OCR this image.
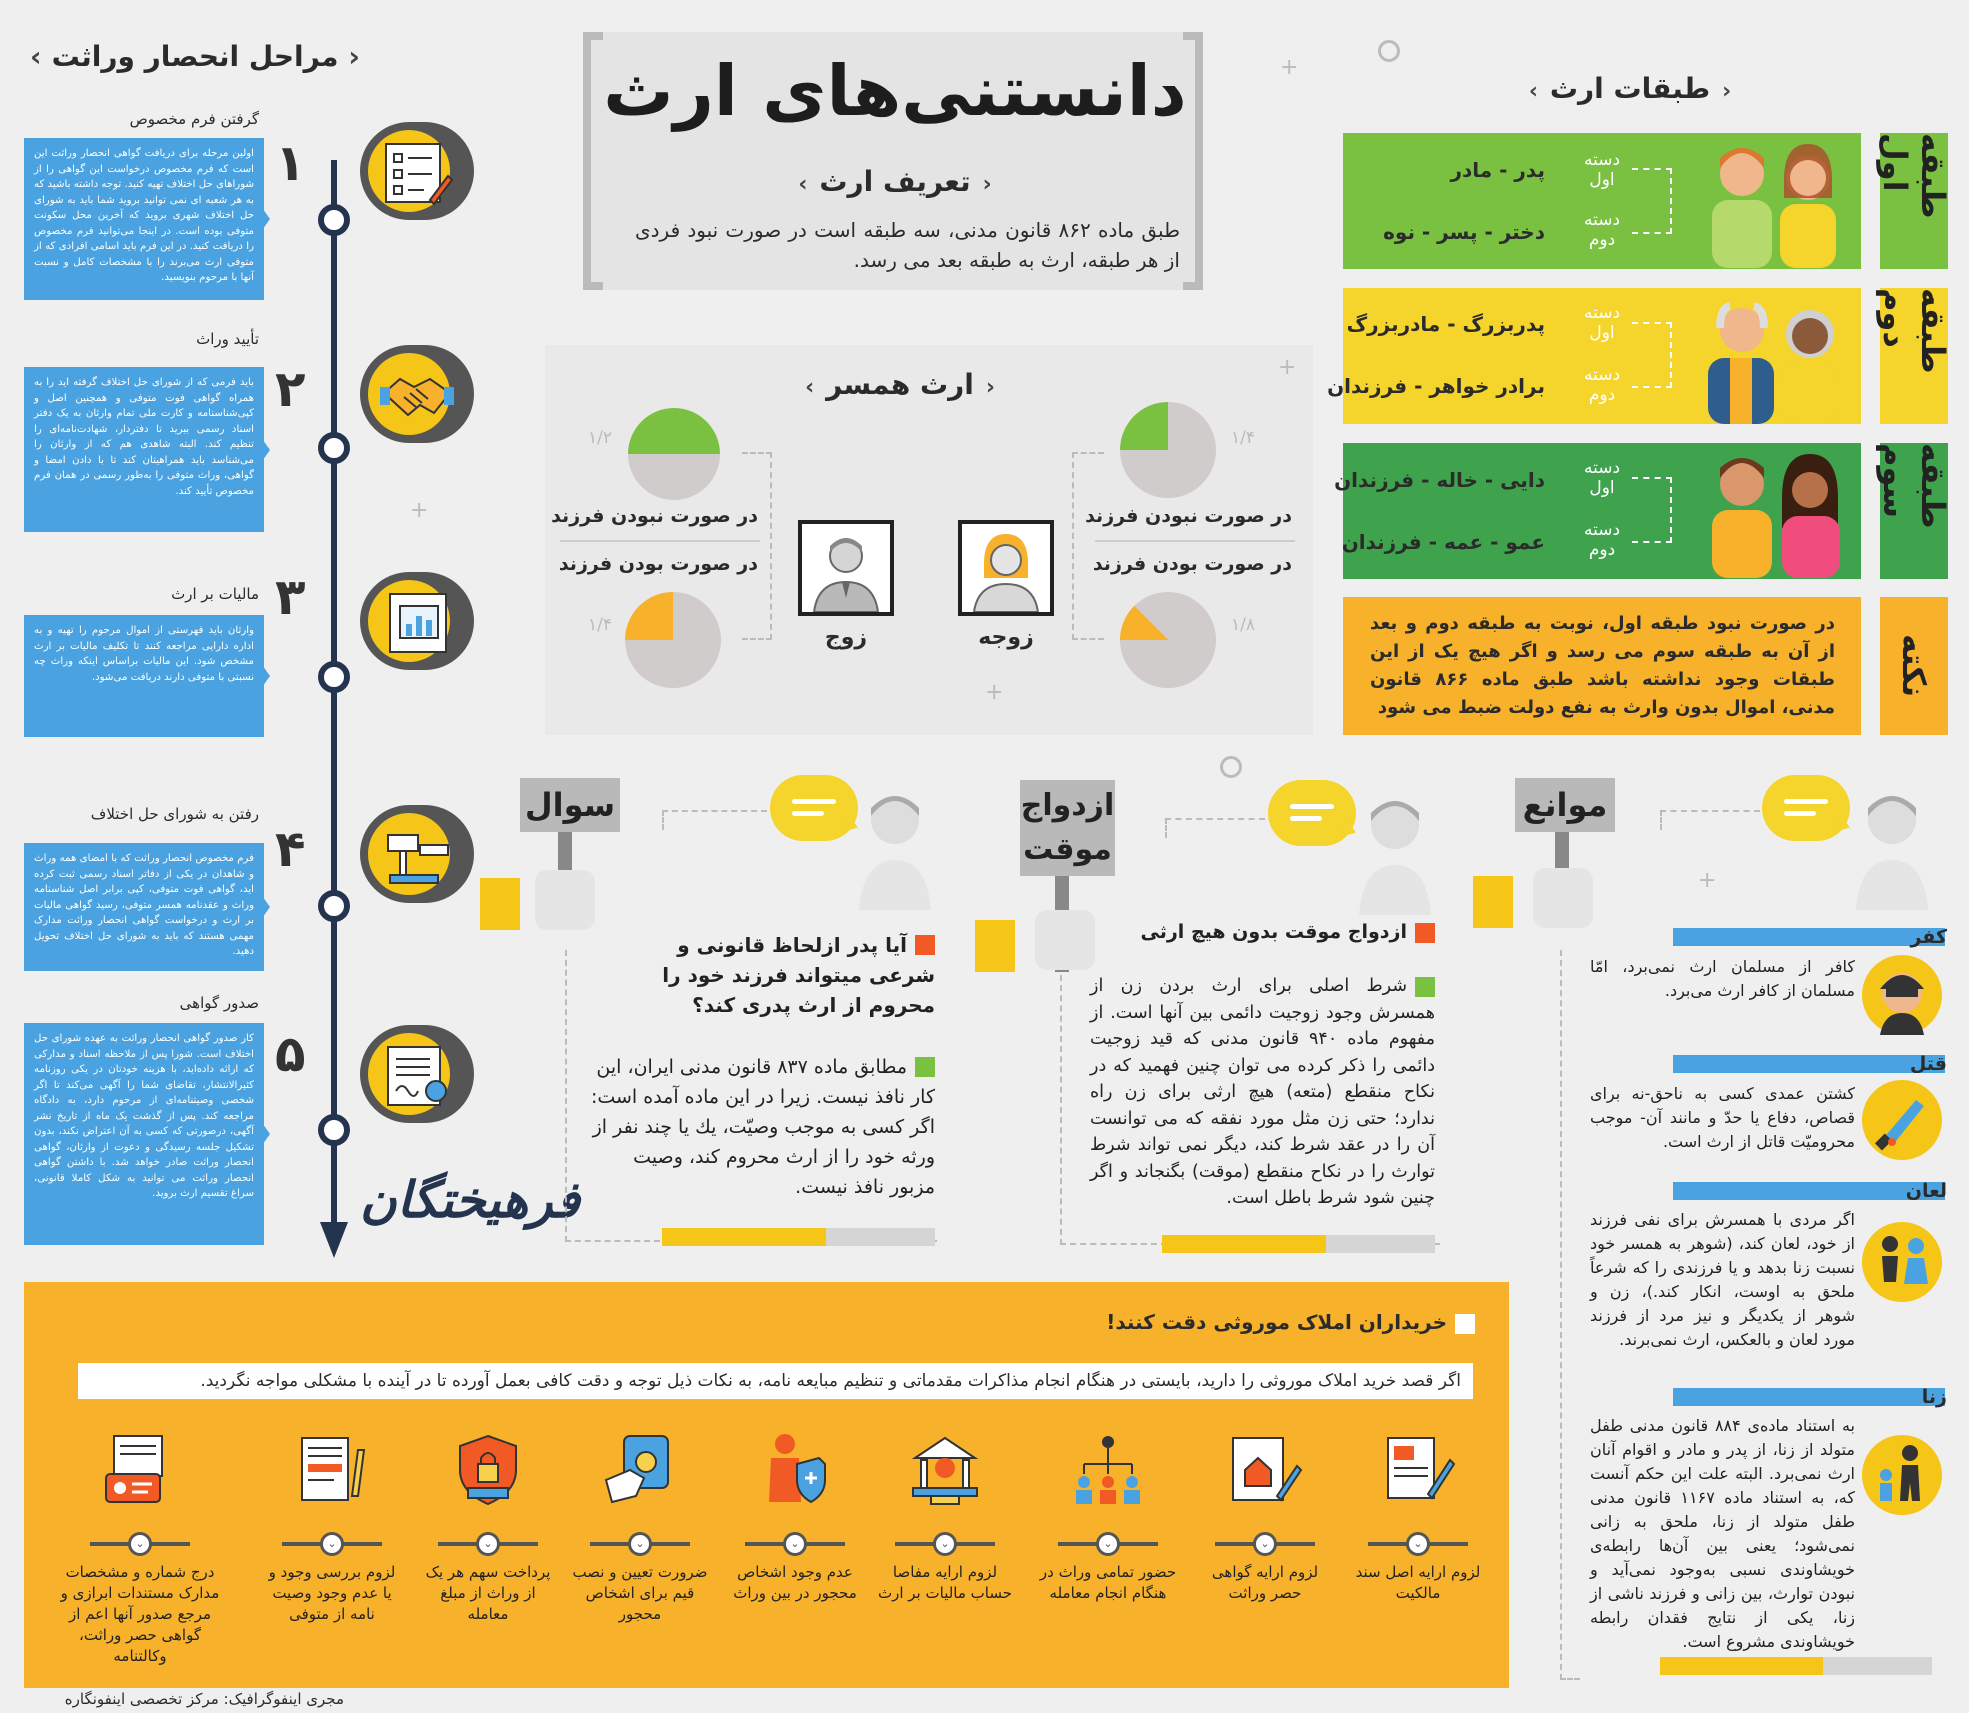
‹مراحل انحصار وراثت›
گرفتن فرم مخصوص
اولین مرحله برای دریافت گواهی انحصار وراثت این است که فرم مخصوص درخواست این گواهی را از شوراهای حل اختلاف تهیه کنید. توجه داشته باشید که به هر شعبه ای نمی توانید بروید شما باید به شورای حل اختلاف شهری بروید که آخرین محل سکونت متوفی بوده است. در اینجا می‌توانید فرم مخصوص را دریافت کنید. در این فرم باید اسامی افرادی که از متوفی ارث می‌برند را با مشخصات کامل و نسبت آنها با مرحوم بنویسید.
۱
تأیید وراث
باید فرمی که از شورای حل اختلاف گرفته اید را به همراه گواهی فوت متوفی و همچنین اصل و کپی‌شناسنامه و کارت ملی تمام وارثان به یک دفتر اسناد رسمی ببرید تا دفتردار، شهادت‌نامه‌ای را تنظیم کند. البته شاهدی هم که از وارثان را می‌شناسد باید همراهیتان کند تا با دادن امضا و گواهی، وراث متوفی را به‌طور رسمی در همان فرم مخصوص تأیید کند.
۲
مالیات بر ارث
وارثان باید فهرستی از اموال مرحوم را تهیه و به اداره دارایی مراجعه کنند تا تکلیف مالیات بر ارث مشخص شود. این مالیات براساس اینکه وراث چه نسبتی با متوفی دارند دریافت می‌شود.
۳
رفتن به شورای حل اختلاف
فرم مخصوص انحصار وراثت که با امضای همه وراث و شاهدان در یکی از دفاتر اسناد رسمی ثبت کرده اید، گواهی فوت متوفی، کپی برابر اصل شناسنامه وراث و عقدنامه همسر متوفی، رسید گواهی مالیات بر ارث و درخواست گواهی انحصار وراثت مدارک مهمی هستند که باید به شورای حل اختلاف تحویل دهید.
۴
صدور گواهی
کار صدور گواهی انحصار وراثت به عهده شورای حل اختلاف است. شورا پس از ملاحظه اسناد و مدارکی که ارائه داده‌اید، با هزینه خودتان در یکی روزنامه کثیرالانتشار، تقاضای شما را آگهی می‌کند تا اگر شخصی وصیتنامه‌ای از مرحوم دارد، به دادگاه مراجعه کند. پس از گذشت یک ماه از تاریخ نشر آگهی، درصورتی که کسی به آن اعتراض نکند، بدون تشکیل جلسه رسیدگی و دعوت از وارثان، گواهی انحصار وراثت صادر خواهد شد. با داشتن گواهی انحصار وراثت می توانید به شکل کاملا قانونی، سراغ تقسیم ارث بروید.
۵
فرهیختگان
دانستنی‌های ارث
‹تعریف ارث›
طبق ماده ۸۶۲ قانون مدنی، سه طبقه است در صورت نبود فردی از هر طبقه، ارث به طبقه بعد می رسد.
‹ارث همسر›
۱/۲
۱/۴
۱/۴
۱/۸
در صورت نبودن فرزند
در صورت بودن فرزند
در صورت نبودن فرزند
در صورت بودن فرزند
زوج	زوجه
‹طبقات ارث›
طبقه اول
پدر - مادر
دختر - پسر - نوه
دسته اول
دسته دوم
طبقه دوم
پدربزرگ - مادربزرگ
برادر خواهر - فرزندان
دسته اول
دسته دوم
طبقه سوم
دایی - خاله - فرزندان
عمو - عمه - فرزندان
دسته اول
دسته دوم
نکته
در صورت نبود طبقه اول، نوبت به طبقه دوم و بعد از آن به طبقه سوم می رسد و اگر هیچ یک از این طبقات وجود نداشته باشد طبق ماده ۸۶۶ قانون مدنی، اموال بدون وارث به نفع دولت ضبط می شود
سوال
آیا پدر ازلحاظ قانونی و شرعی میتواند فرزند خود را محروم از ارث پدری کند؟
مطابق ماده ۸۳۷ قانون مدنی ایران، این کار نافذ نیست. زیرا در این ماده آمده است: اگر کسی به موجب وصیّت، یك یا چند نفر از ورثه خود را از ارث محروم کند، وصیت مزبور نافذ نیست.
ازدواج موقت
ازدواج موقت بدون هیچ ارثی
شرط اصلی برای ارث بردن زن از همسرش وجود زوجیت دائمی بین آنها است. از مفهوم ماده ۹۴۰ قانون مدنی که قید زوجیت دائمی را ذکر کرده می توان چنین فهمید که در نکاح منقطع (متعه) هیچ ارثی برای زن راه ندارد؛ حتی زن مثل مورد نفقه که می توانست آن را در عقد شرط کند، دیگر نمی تواند شرط توارث را در نکاح منقطع (موقت) بگنجاند و اگر چنین شود شرط باطل است.
موانع
کفر
کافر از مسلمان ارث نمی‌برد، امّا مسلمان از کافر ارث می‌برد.
قتل
کشتن عمدی کسی به ناحق-نه برای قصاص، دفاع یا حدّ و مانند آن- موجب محرومیّت قاتل از ارث است.
لعان
اگر مردی با همسرش برای نفی فرزند از خود، لعان کند، (شوهر به همسر خود نسبت زنا بدهد و یا فرزندی را که شرعاً ملحق به اوست، انکار کند.)، زن و شوهر از یکدیگر و نیز مرد از فرزند مورد لعان و بالعکس، ارث نمی‌برند.
زنا
به استناد ماده‌ی ۸۸۴ قانون مدنی طفل متولد از زنا، از پدر و مادر و اقوام آنان ارث نمی‌برد. البته علت این حکم آنست که، به استناد ماده ۱۱۶۷ قانون مدنی طفل متولد از زنا، ملحق به زانی نمی‌شود؛ یعنی بین آن‌ها رابطه‌ی خویشاوندی نسبی به‌وجود نمی‌آید و نبودن توارث، بین زانی و فرزند ناشی از زنا، یکی از نتایج فقدان رابطه خویشاوندی مشروع است.
خریداران املاک موروثی دقت کنند!
اگر قصد خرید املاک موروثی را دارید، بایستی در هنگام انجام مذاکرات مقدماتی و تنظیم مبایعه نامه، به نکات ذیل توجه و دقت کافی بعمل آورده تا در آینده با مشکلی مواجه نگردید.
⌄
لزوم ارایه اصل سند مالکیت
⌄
لزوم ارایه گواهی حصر وراثت
⌄
حضور تمامی وراث در هنگام انجام معامله
⌄
لزوم ارایه مفاصا حساب مالیات بر ارث
⌄
عدم وجود اشخاص محجور در بین وراث
⌄
ضرورت تعیین و نصب قیم برای اشخاص محجور
⌄
پرداخت سهم هر یک از وراث از مبلغ معامله
⌄
لزوم بررسی وجود و یا عدم وجود وصیت نامه از متوفی
⌄
درج شماره و مشخصات مدارک مستندات ابرازی و مرجع صدور آنها اعم از گواهی حصر وراثت، وکالتنامه
مجری اینفوگرافیک: مرکز تخصصی اینفونگاره
+
+
+
+
+
